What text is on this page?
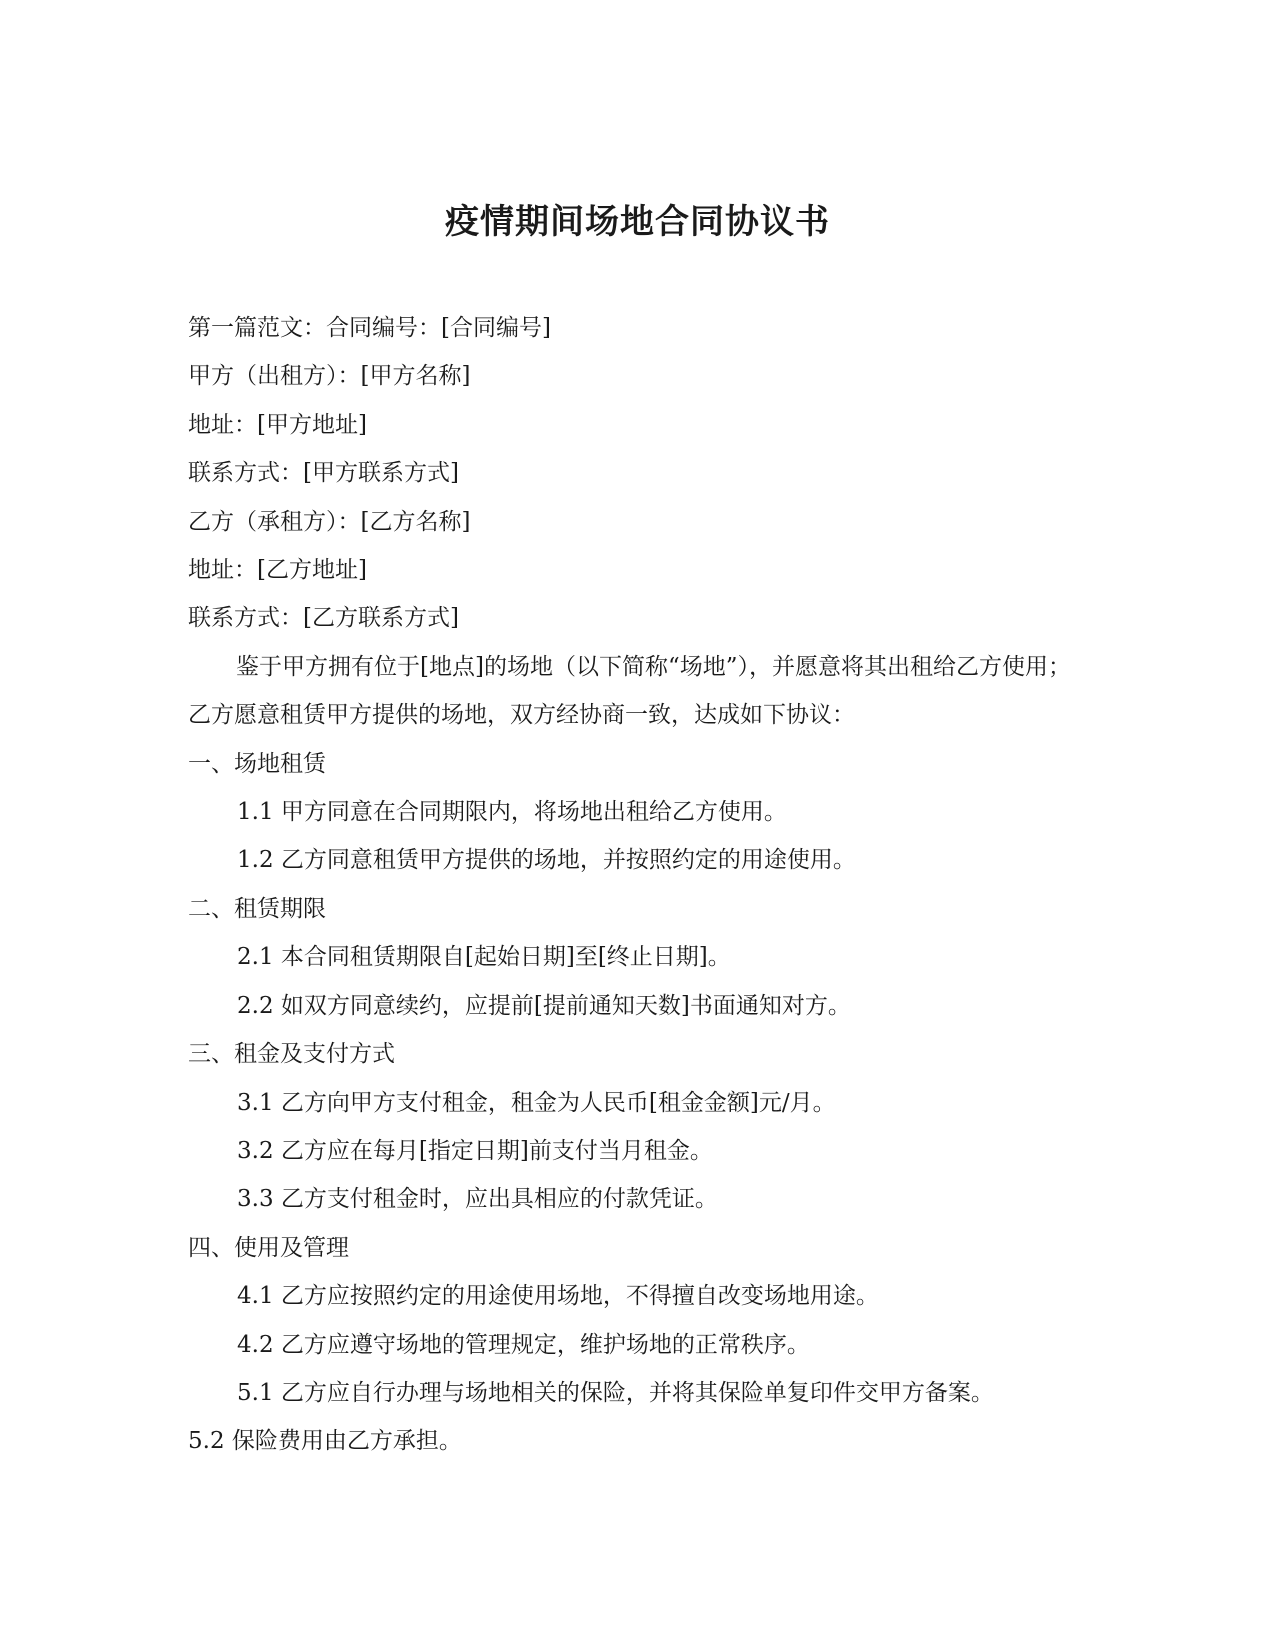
疫情期间场地合同协议书

第一篇范文：合同编号：[合同编号]

甲方（出租方）：[甲方名称]

地址：[甲方地址]

联系方式：[甲方联系方式]

乙方（承租方）：[乙方名称]

地址：[乙方地址]

联系方式：[乙方联系方式]

鉴于甲方拥有位于[地点]的场地（以下简称“场地”），并愿意将其出租给乙方使用；乙方愿意租赁甲方提供的场地，双方经协商一致，达成如下协议：

一、场地租赁

1.1 甲方同意在合同期限内，将场地出租给乙方使用。

1.2 乙方同意租赁甲方提供的场地，并按照约定的用途使用。

二、租赁期限

2.1 本合同租赁期限自[起始日期]至[终止日期]。

2.2 如双方同意续约，应提前[提前通知天数]书面通知对方。

三、租金及支付方式

3.1 乙方向甲方支付租金，租金为人民币[租金金额]元/月。

3.2 乙方应在每月[指定日期]前支付当月租金。

3.3 乙方支付租金时，应出具相应的付款凭证。

四、使用及管理

4.1 乙方应按照约定的用途使用场地，不得擅自改变场地用途。

4.2 乙方应遵守场地的管理规定，维护场地的正常秩序。

5.1 乙方应自行办理与场地相关的保险，并将其保险单复印件交甲方备案。

5.2 保险费用由乙方承担。
